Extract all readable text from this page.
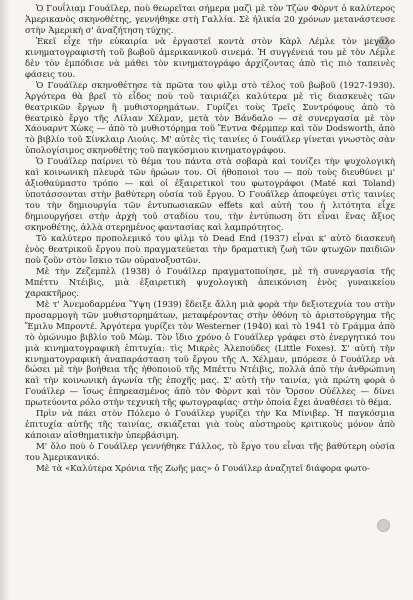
Ὁ Γουΐλιαμ Γουάϊλερ, ποὺ θεωρεῖται σήμερα μαζὶ μὲ τὸν Τζὼν Φὸρντ ὁ καλύτερος Ἀμερικανὸς σκηνοθέτης, γεννήθηκε στὴ Γαλλία. Σὲ ἡλικία 20 χρόνων μετανάστευσε στὴν Ἀμερικὴ σ' ἀναζήτηση τύχης.

Ἐκεῖ εἶχε τὴν εὐκαιρία νὰ ἐργαστεῖ κοντὰ στὸν Κὰρλ Λέμλε τὸν μεγάλο κινηματογραφιστὴ τοῦ βωβοῦ ἀμερικανικοῦ σινεμά. Ἡ συγγένειά του μὲ τὸν Λέμλε δὲν τὸν ἐμπόδισε νὰ μάθει τὸν κινηματογράφο ἀρχίζοντας ἀπὸ τὶς πιὸ ταπεινὲς φάσεις του.

Ὁ Γουάϊλερ σκηνοθέτησε τὰ πρῶτα του φὶλμ στὸ τέλος τοῦ βωβοῦ (1927-1930). Ἀργότερα θὰ βρεῖ τὸ εἶδος ποὺ τοῦ ταιριάζει καλύτερα μὲ τὶς διασκευὲς τῶν θεατρικῶν ἔργων ἢ μυθιστορημάτων. Γυρίζει τοὺς Τρεῖς Συντρόφους ἀπὸ τὸ θεατρικὸ ἔργο τῆς Λίλιαν Χέλμαν, μετὰ τὸν Βάνδαλο — σὲ συνεργασία μὲ τὸν Χάουαρντ Χὼκς — ἀπὸ τὸ μυθιστόρημα τοῦ Ἔντνα Φέρμπερ καὶ τὸν Dodsworth, ἀπὸ τὸ βιβλίο τοῦ Σίνκλαιρ Λιούις. Μ' αὐτὲς τὶς ταινίες ὁ Γουάϊλερ γίνεται γνωστὸς σὰν ὑπολογίσιμος σκηνοθέτης τοῦ παγκόσμιου κινηματογράφου.

Ὁ Γουάϊλερ παίρνει τὸ θέμα του πάντα στὰ σοβαρὰ καὶ τονίζει τὴν ψυχολογικὴ καὶ κοινωνικὴ πλευρὰ τῶν ἡρώων του. Οἱ ἠθοποιοὶ του — ποὺ τοὺς διευθύνει μ' ἀξιοθαύμαστο τρόπο — καὶ οἱ ἐξαιρετικοὶ του φωτογράφοι (Maté καὶ Toland) ὑποτάσσονται στὴν βαθύτερη οὐσία τοῦ ἔργου. Ὁ Γουάϊλερ ἀποφεύγει στὶς ταινίες του τὴν δημιουργία τῶν ἐντυπωσιακῶν effets καὶ αὐτὴ του ἡ λιτότητα εἶχε δημιουργήσει στὴν ἀρχὴ τοῦ σταδίου του, τὴν ἐντύπωση ὅτι εἶναι ἕνας ἄξιος σκηνοθέτης, ἀλλὰ στερημένος φαντασίας καὶ λαμπρότητος.

Τὸ καλύτερο προπολεμικό του φὶλμ τὸ Dead End (1937) εἶναι κ' αὐτὸ διασκευὴ ἑνὸς θεατρικοῦ ἔργου ποὺ πραγματεύεται τὴν δραματικὴ ζωὴ τῶν φτωχῶν παιδιῶν ποὺ ζοῦν στὸν ἴσκιο τῶν οὐρανοξυστῶν.

Μὲ τὴν Ζεζεμπὲλ (1938) ὁ Γουάϊλερ πραγματοποίησε, μὲ τὴ συνεργασία τῆς Μπέττυ Ντέιβις, μιὰ ἐξαιρετικὴ ψυχολογικὴ ἀπεικόνιση ἑνὸς γυναικείου χαρακτῆρος.

Μὲ τ' Ἀνεμοδαρμένα Ὕψη (1939) ἔδειξε ἄλλη μιὰ φορὰ τὴν δεξιοτεχνία του στὴν προσαρμογὴ τῶν μυθιστορημάτων, μεταφέροντας στὴν ὀθόνη τὸ ἀριστούργημα τῆς Ἔμιλυ Μπροντέ. Ἀργότερα γυρίζει τὸν Westerner (1940) καὶ τὸ 1941 τὸ Γράμμα ἀπὸ τὸ ὁμώνυμο βιβλίο τοῦ Μὼμ. Τὸν ἴδιο χρόνο ὁ Γουάϊλερ γράφει στὸ ἐνεργητικό του μιὰ κινηματογραφικὴ ἐπιτυχία: τὶς Μικρὲς Ἀλεπούδες (Little Foxes). Σ' αὐτὴ τὴν κινηματογραφικὴ ἀναπαράσταση τοῦ ἔργου τῆς Λ. Χέλμαν, μπόρεσε ὁ Γουάϊλερ νὰ δώσει μὲ τὴν βοήθεια τῆς ἠθοποιοῦ τῆς Μπέττυ Ντέιβις, πολλὰ ἀπὸ τὴν ἀνθρώπινη καὶ τὴν κοινωνικὴ ἀγωνία τῆς ἐποχῆς μας. Σ' αὐτὴ τὴν ταινία, γιὰ πρώτη φορὰ ὁ Γουάϊλερ — ἴσως ἐπηρεασμένος ἀπὸ τὸν Φὸρντ καὶ τὸν Ὄρσον Οὐέλλες — δίνει πρωτεύοντα ρόλο στὴν τεχνικὴ τῆς φωτογραφίας· στὴν ὁποία ἔχει ἀναθέσει τὸ θέμα.

Πρὶν νὰ πάει στὸν Πόλεμο ὁ Γουάϊλερ γυρίζει τὴν Κα Μίνιβερ. Ἡ παγκόσμια ἐπιτυχία αὐτῆς τῆς ταινίας, σκιάζεται γιὰ τοὺς αὐστηροὺς κριτικοὺς μόνον ἀπὸ κάποιαν αἰσθηματικὴν ὑπερβάσιμη.

Μ' ὅλο ποὺ ὁ Γουάϊλερ γεννήθηκε Γάλλος, τὸ ἔργο του εἶναι τῆς βαθύτερη οὐσία του Ἀμερικανικό.

Μὲ τὰ «Καλύτερα Χρόνια τῆς Ζωῆς μας» ὁ Γουάϊλερ ἀναζητεῖ διάφορα φωτο-
